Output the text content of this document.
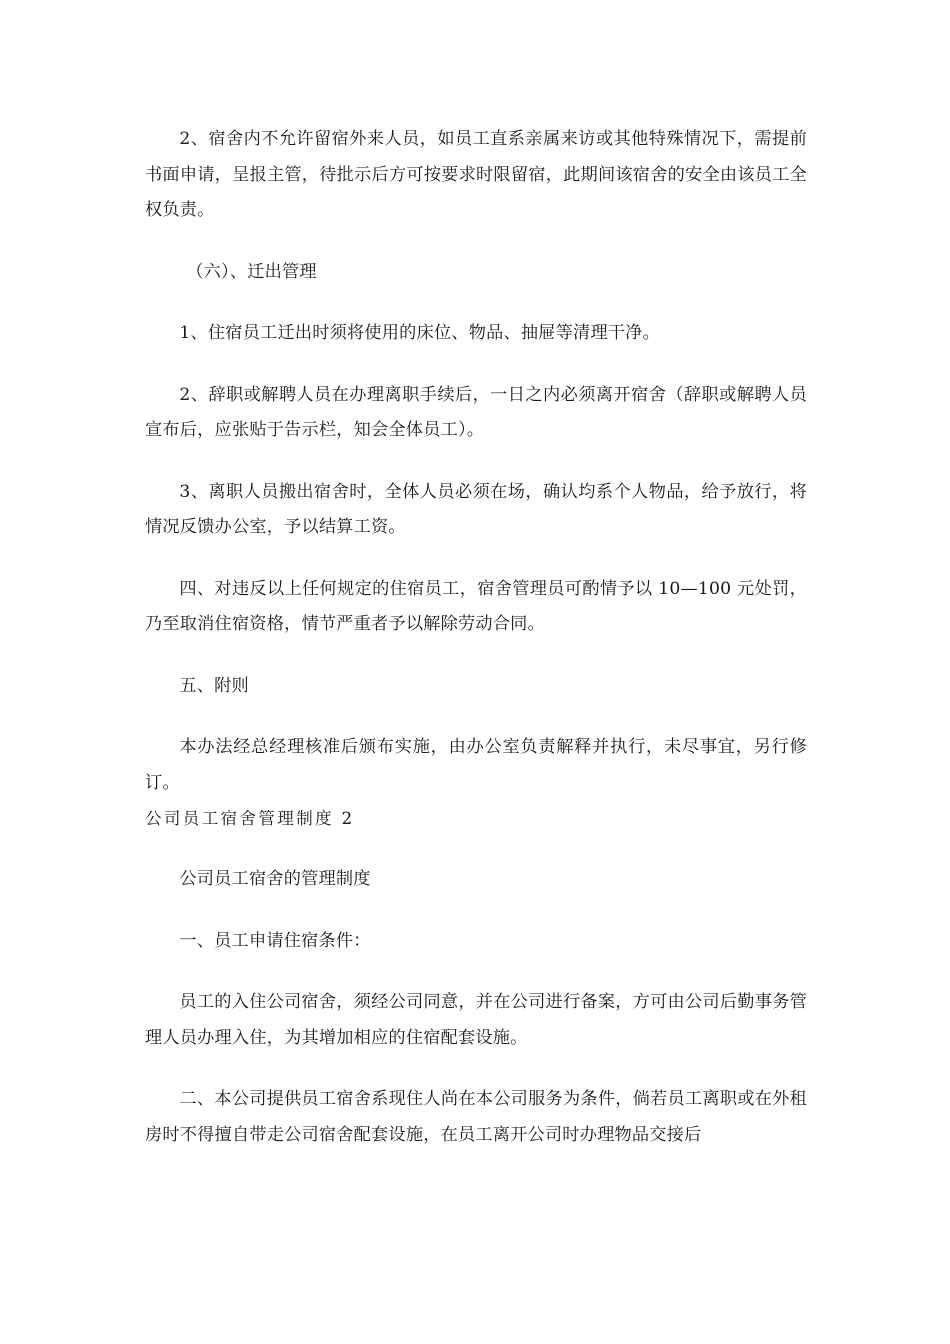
2、宿舍内不允许留宿外来人员，如员工直系亲属来访或其他特殊情况下，需提前书面申请，呈报主管，待批示后方可按要求时限留宿，此期间该宿舍的安全由该员工全权负责。

（六）、迁出管理

1、住宿员工迁出时须将使用的床位、物品、抽屉等清理干净。

2、辞职或解聘人员在办理离职手续后，一日之内必须离开宿舍（辞职或解聘人员宣布后，应张贴于告示栏，知会全体员工）。

3、离职人员搬出宿舍时，全体人员必须在场，确认均系个人物品，给予放行，将情况反馈办公室，予以结算工资。

四、对违反以上任何规定的住宿员工，宿舍管理员可酌情予以 10—100 元处罚，乃至取消住宿资格，情节严重者予以解除劳动合同。

五、附则

本办法经总经理核准后颁布实施，由办公室负责解释并执行，未尽事宜，另行修订。

公司员工宿舍管理制度 2

公司员工宿舍的管理制度

一、员工申请住宿条件：

员工的入住公司宿舍，须经公司同意，并在公司进行备案，方可由公司后勤事务管理人员办理入住，为其增加相应的住宿配套设施。

二、本公司提供员工宿舍系现住人尚在本公司服务为条件，倘若员工离职或在外租房时不得擅自带走公司宿舍配套设施，在员工离开公司时办理物品交接后
